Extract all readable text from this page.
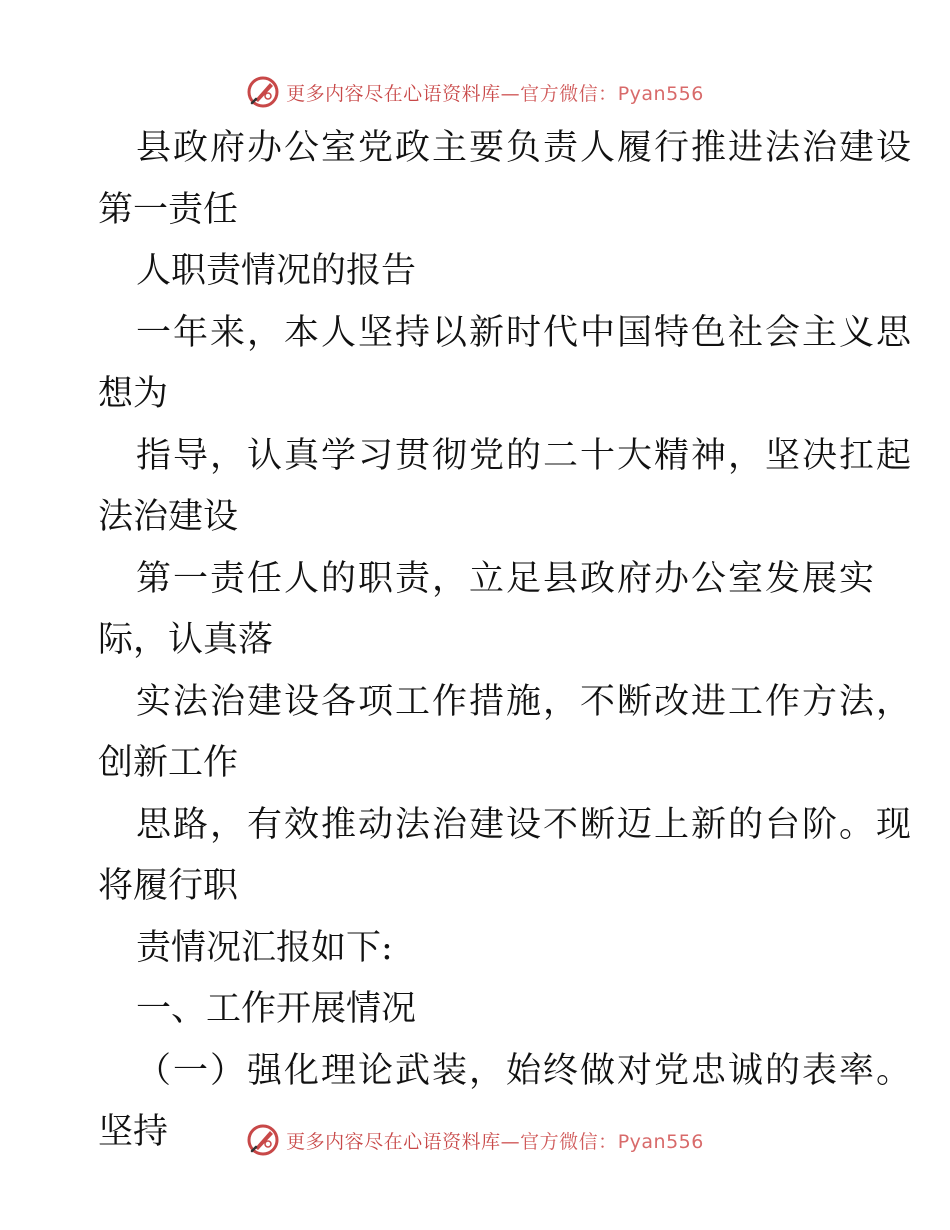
更多内容尽在心语资料库—官方微信：Pyan556

县政府办公室党政主要负责人履行推进法治建设

第一责任

人职责情况的报告

一年来，本人坚持以新时代中国特色社会主义思

想为

指导，认真学习贯彻党的二十大精神，坚决扛起

法治建设

第一责任人的职责，立足县政府办公室发展实

际，认真落

实法治建设各项工作措施，不断改进工作方法，

创新工作

思路，有效推动法治建设不断迈上新的台阶。现

将履行职

责情况汇报如下:

一、工作开展情况

（一）强化理论武装，始终做对党忠诚的表率。

坚持	更多内容尽在心语资料库—官方微信：Pyan556
